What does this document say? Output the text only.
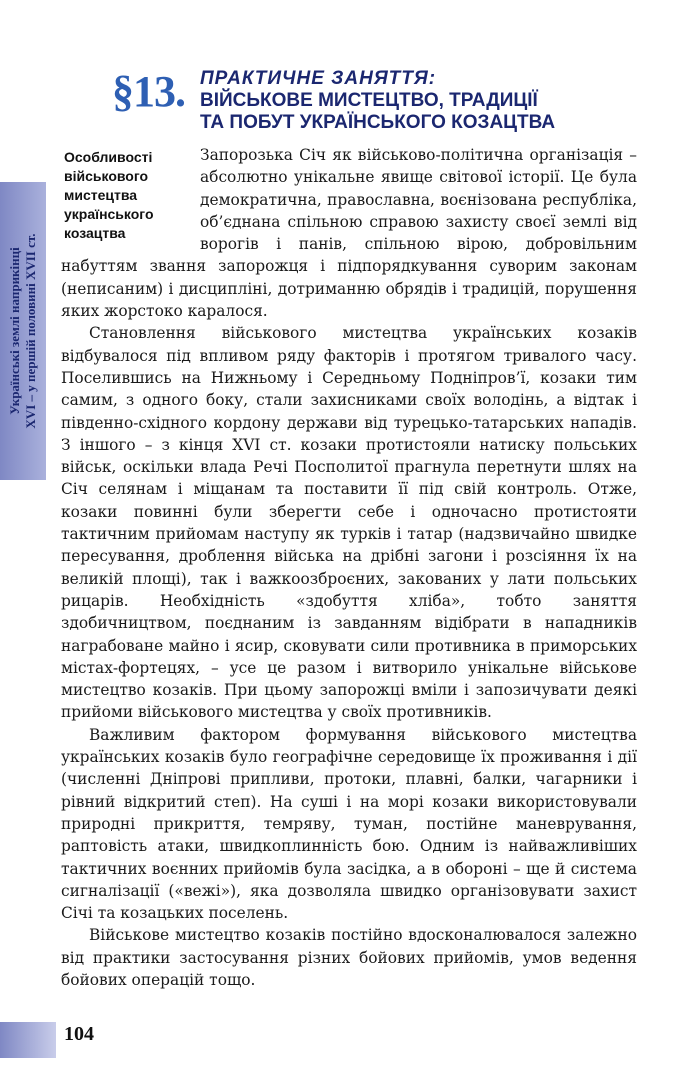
Українські землі наприкінці XVI – у першій половині XVII ст.
§13. ПРАКТИЧНЕ ЗАНЯТТЯ:
ВІЙСЬКОВЕ МИСТЕЦТВО, ТРАДИЦІЇ
ТА ПОБУТ УКРАЇНСЬКОГО КОЗАЦТВА
Особливості військового мистецтва українського козацтва

Запорозька Січ як військово-політична організація – абсолютно унікальне явище світової історії. Це була демократична, православна, воєнізована республіка, об’єднана спільною справою захисту своєї землі від ворогів і панів, спільною вірою, добровільним набуттям звання запорожця і підпорядкування суворим законам (неписаним) і дисципліні, дотриманню обрядів і традицій, порушення яких жорстоко каралося.

Становлення військового мистецтва українських козаків відбувалося під впливом ряду факторів і протягом тривалого часу. Поселившись на Нижньому і Середньому Подніпров’ї, козаки тим самим, з одного боку, стали захисниками своїх володінь, а відтак і південно-східного кордону держави від турецько-татарських нападів. З іншого – з кінця XVI ст. козаки протистояли натиску польських військ, оскільки влада Речі Посполитої прагнула перетнути шлях на Січ селянам і міщанам та поставити її під свій контроль. Отже, козаки повинні були зберегти себе і одночасно протистояти тактичним прийомам наступу як турків і татар (надзвичайно швидке пересування, дроблення війська на дрібні загони і розсіяння їх на великій площі), так і важкоозброєних, закованих у лати польських рицарів. Необхідність «здобуття хліба», тобто заняття здобичництвом, поєднаним із завданням відібрати в нападників награбоване майно і ясир, сковувати сили противника в приморських містах-фортецях, – усе це разом і витворило унікальне військове мистецтво козаків. При цьому запорожці вміли і запозичувати деякі прийоми військового мистецтва у своїх противників.

Важливим фактором формування військового мистецтва українських козаків було географічне середовище їх проживання і дії (численні Дніпрові припливи, протоки, плавні, балки, чагарники і рівний відкритий степ). На суші і на морі козаки використовували природні прикриття, темряву, туман, постійне маневрування, раптовість атаки, швидкоплинність бою. Одним із найважливіших тактичних воєнних прийомів була засідка, а в обороні – ще й система сигналізації («вежі»), яка дозволяла швидко організовувати захист Січі та козацьких поселень.

Військове мистецтво козаків постійно вдосконалювалося залежно від практики застосування різних бойових прийомів, умов ведення бойових операцій тощо.

104
